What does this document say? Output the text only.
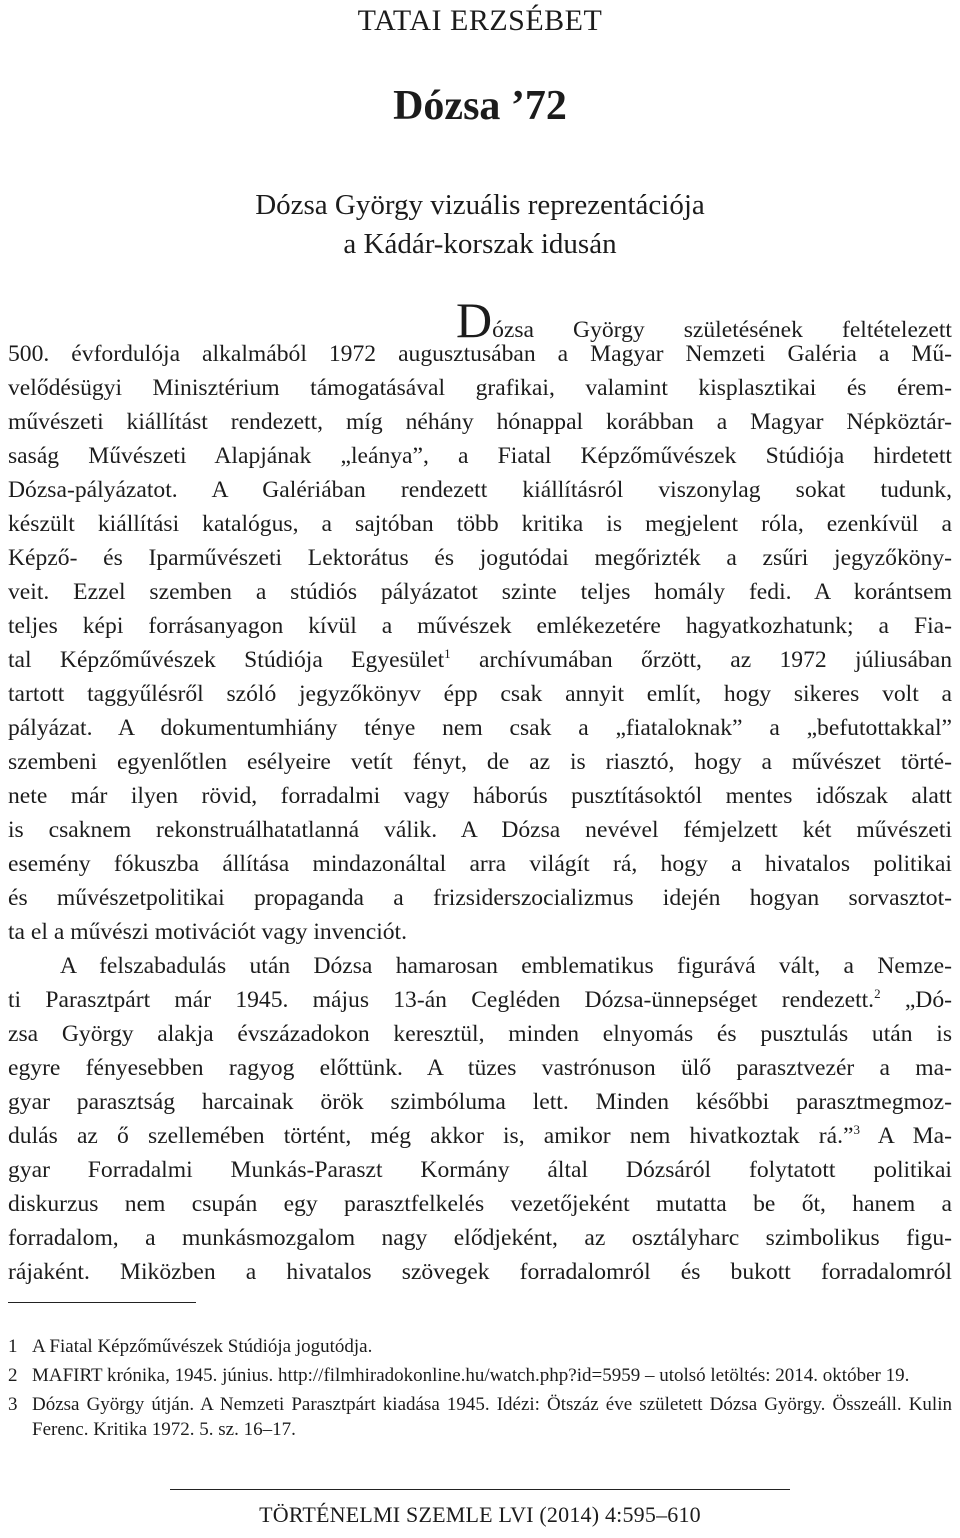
TATAI ERZSÉBET
Dózsa ’72
Dózsa György vizuális reprezentációja
a Kádár-korszak idusán
Dózsa György születésének feltételezett
500. évfordulója alkalmából 1972 augusztusában a Magyar Nemzeti Galéria a Mű-
velődésügyi Minisztérium támogatásával grafikai, valamint kisplasztikai és érem-
művészeti kiállítást rendezett, míg néhány hónappal korábban a Magyar Népköztár-
saság Művészeti Alapjának „leánya”, a Fiatal Képzőművészek Stúdiója hirdetett
Dózsa-pályázatot. A Galériában rendezett kiállításról viszonylag sokat tudunk,
készült kiállítási katalógus, a sajtóban több kritika is megjelent róla, ezenkívül a
Képző- és Iparművészeti Lektorátus és jogutódai megőrizték a zsűri jegyzőköny-
veit. Ezzel szemben a stúdiós pályázatot szinte teljes homály fedi. A korántsem
teljes képi forrásanyagon kívül a művészek emlékezetére hagyatkozhatunk; a Fia-
tal Képzőművészek Stúdiója Egyesület$^1$ archívumában őrzött, az 1972 júliusában
tartott taggyűlésről szóló jegyzőkönyv épp csak annyit említ, hogy sikeres volt a
pályázat. A dokumentumhiány ténye nem csak a „fiataloknak” a „befutottakkal”
szembeni egyenlőtlen esélyeire vetít fényt, de az is riasztó, hogy a művészet törté-
nete már ilyen rövid, forradalmi vagy háborús pusztításoktól mentes időszak alatt
is csaknem rekonstruálhatatlanná válik. A Dózsa nevével fémjelzett két művészeti
esemény fókuszba állítása mindazonáltal arra világít rá, hogy a hivatalos politikai
és művészetpolitikai propaganda a frizsiderszocializmus idején hogyan sorvasztot-
ta el a művészi motivációt vagy invenciót.
A felszabadulás után Dózsa hamarosan emblematikus figurává vált, a Nemze-
ti Parasztpárt már 1945. május 13-án Cegléden Dózsa-ünnepséget rendezett.$^2$ „Dó-
zsa György alakja évszázadokon keresztül, minden elnyomás és pusztulás után is
egyre fényesebben ragyog előttünk. A tüzes vastrónuson ülő parasztvezér a ma-
gyar parasztság harcainak örök szimbóluma lett. Minden későbbi parasztmegmoz-
dulás az ő szellemében történt, még akkor is, amikor nem hivatkoztak rá.”$^3$ A Ma-
gyar Forradalmi Munkás-Paraszt Kormány által Dózsáról folytatott politikai
diskurzus nem csupán egy parasztfelkelés vezetőjeként mutatta be őt, hanem a
forradalom, a munkásmozgalom nagy elődjeként, az osztályharc szimbolikus figu-
rájaként. Miközben a hivatalos szövegek forradalomról és bukott forradalomról
1 A Fiatal Képzőművészek Stúdiója jogutódja.
2 MAFIRT krónika, 1945. június. http://filmhiradokonline.hu/watch.php?id=5959 – utolsó letöltés: 2014. október 19.
3 Dózsa György útján. A Nemzeti Parasztpárt kiadása 1945. Idézi: Ötszáz éve született Dózsa György. Összeáll. Kulin Ferenc. Kritika 1972. 5. sz. 16–17.
TÖRTÉNELMI SZEMLE LVI (2014) 4:595–610
